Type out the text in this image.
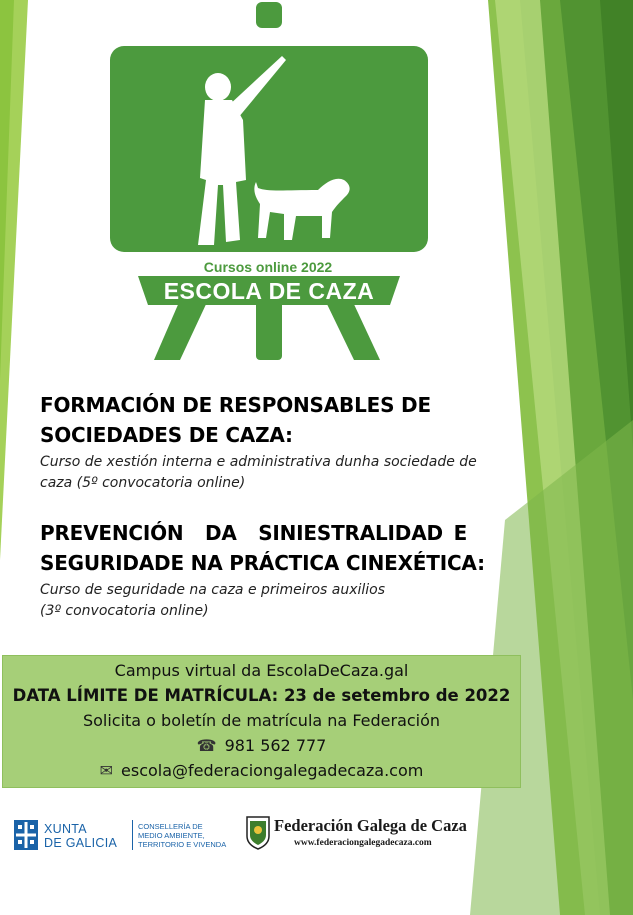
Cursos online 2022
ESCOLA DE CAZA
FORMACIÓN DE RESPONSABLES DE
SOCIEDADES DE CAZA:

Curso de xestión interna e administrativa dunha sociedade de
caza (5º convocatoria online)

PREVENCIÓN  DA  SINIESTRALIDAD E
SEGURIDADE NA PRÁCTICA CINEXÉTICA:

Curso de seguridade na caza e primeiros auxilios
(3º convocatoria online)

Campus virtual da EscolaDeCaza.gal
DATA LÍMITE DE MATRÍCULA: 23 de setembro de 2022
Solicita o boletín de matrícula na Federación
☎ 981 562 777
✉ escola@federaciongalegadecaza.com
XUNTA
DE GALICIA
CONSELLERÍA DE
MEDIO AMBIENTE,
TERRITORIO E VIVENDA
Federación Galega de Caza
www.federaciongalegadecaza.com
